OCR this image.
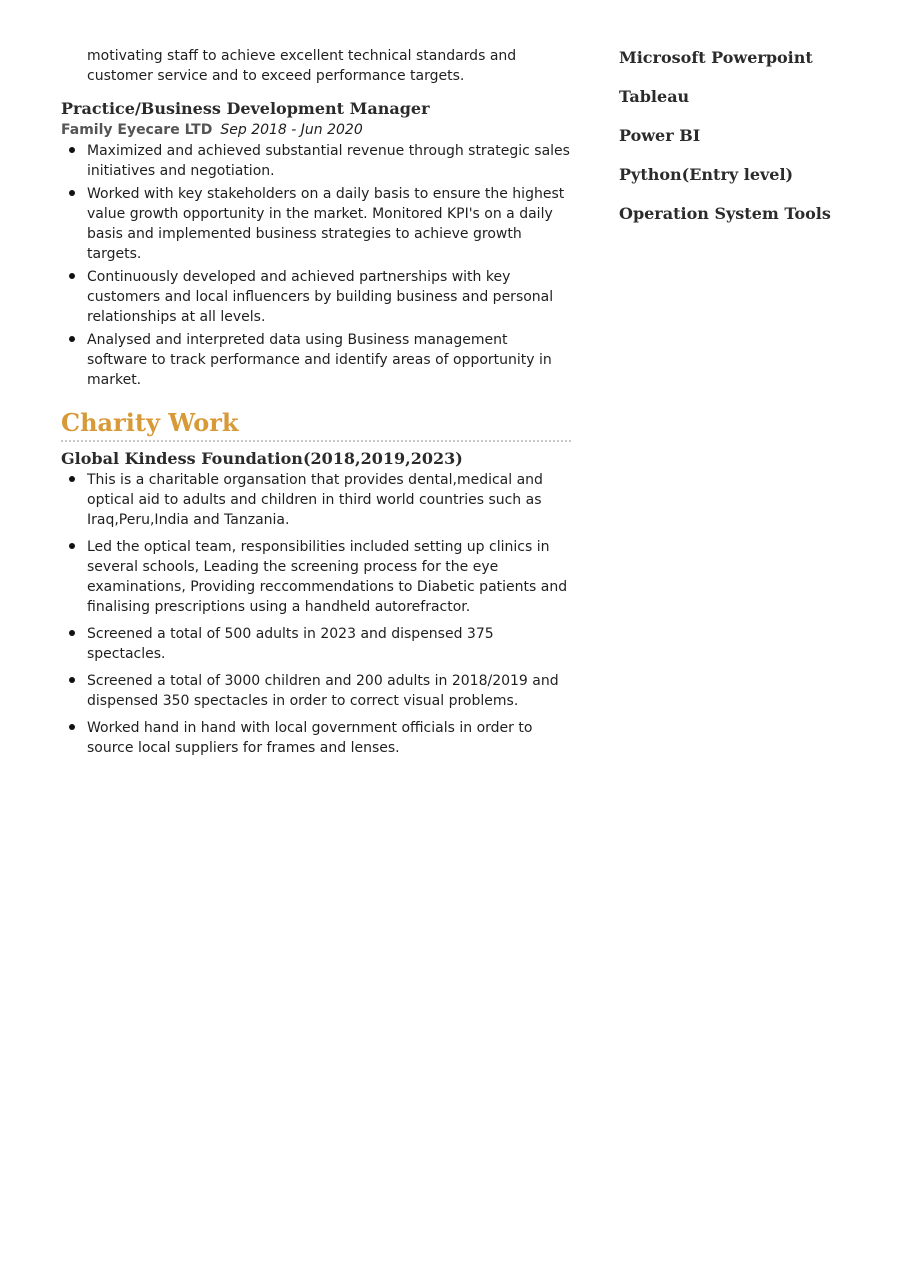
motivating staff to achieve excellent technical standards and customer service and to exceed performance targets.
Practice/Business Development Manager
Family Eyecare LTD Sep 2018 - Jun 2020
Maximized and achieved substantial revenue through strategic sales initiatives and negotiation.
Worked with key stakeholders on a daily basis to ensure the highest value growth opportunity in the market. Monitored KPI's on a daily basis and implemented business strategies to achieve growth targets.
Continuously developed and achieved partnerships with key customers and local influencers by building business and personal relationships at all levels.
Analysed and interpreted data using Business management software to track performance and identify areas of opportunity in market.
Charity Work
Global Kindess Foundation(2018,2019,2023)
This is a charitable organsation that provides dental,medical and optical aid to adults and children in third world countries such as Iraq,Peru,India and Tanzania.
Led the optical team, responsibilities included setting up clinics in several schools, Leading the screening process for the eye examinations, Providing reccommendations to Diabetic patients and finalising prescriptions using a handheld autorefractor.
Screened a total of 500 adults in 2023 and dispensed 375 spectacles.
Screened a total of 3000 children and 200 adults in 2018/2019 and dispensed 350 spectacles in order to correct visual problems.
Worked hand in hand with local government officials in order to source local suppliers for frames and lenses.
Microsoft Powerpoint
Tableau
Power BI
Python(Entry level)
Operation System Tools
